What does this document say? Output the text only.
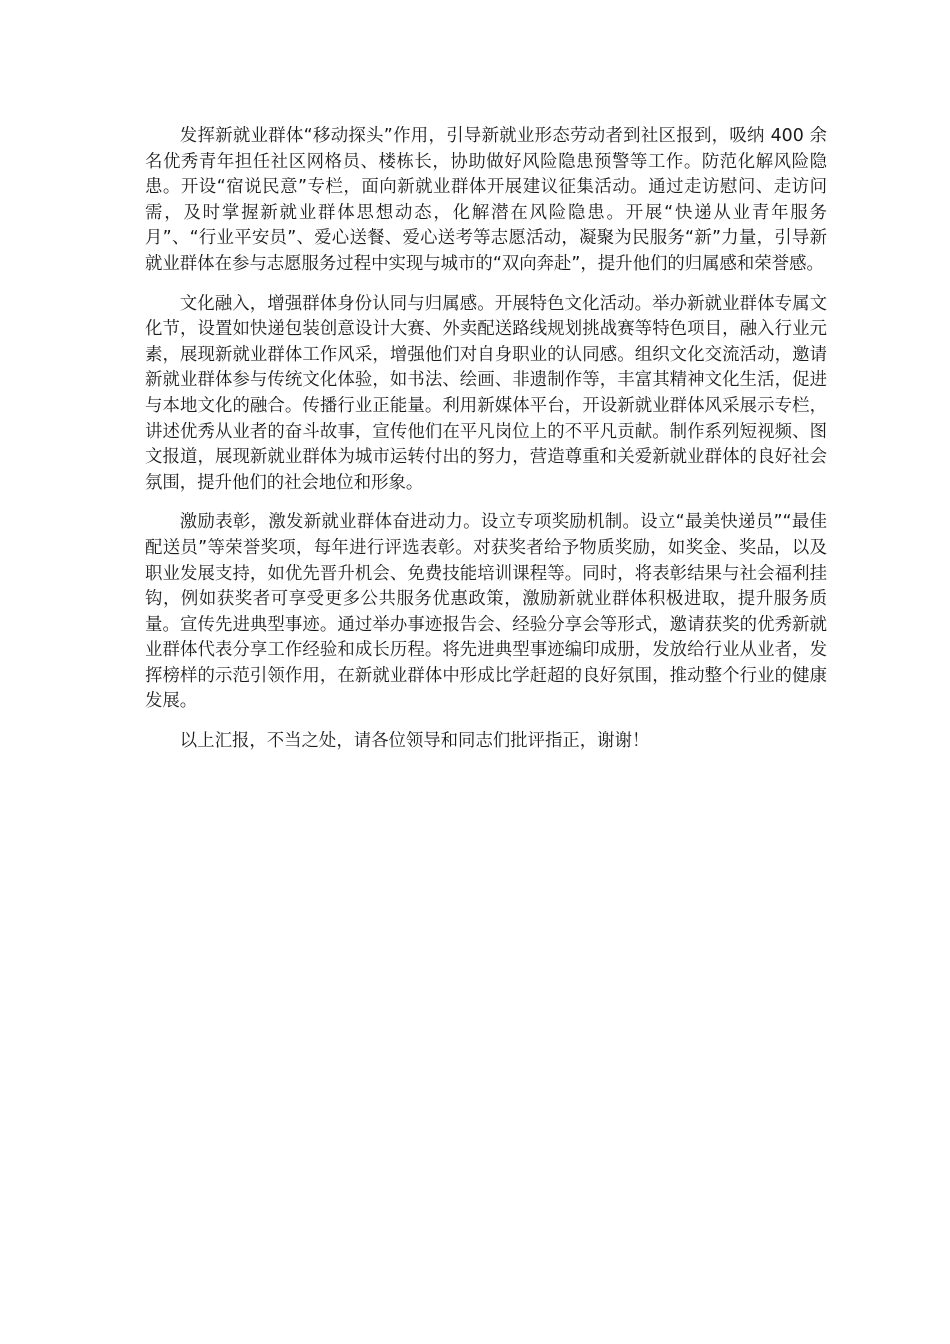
发挥新就业群体“移动探头”作用，引导新就业形态劳动者到社区报到，吸纳 400 余名优秀青年担任社区网格员、楼栋长，协助做好风险隐患预警等工作。防范化解风险隐患。开设“宿说民意”专栏，面向新就业群体开展建议征集活动。通过走访慰问、走访问需，及时掌握新就业群体思想动态，化解潜在风险隐患。开展“快递从业青年服务月”、“行业平安员”、爱心送餐、爱心送考等志愿活动，凝聚为民服务“新”力量，引导新就业群体在参与志愿服务过程中实现与城市的“双向奔赴”，提升他们的归属感和荣誉感。

文化融入，增强群体身份认同与归属感。开展特色文化活动。举办新就业群体专属文化节，设置如快递包装创意设计大赛、外卖配送路线规划挑战赛等特色项目，融入行业元素，展现新就业群体工作风采，增强他们对自身职业的认同感。组织文化交流活动，邀请新就业群体参与传统文化体验，如书法、绘画、非遗制作等，丰富其精神文化生活，促进与本地文化的融合。传播行业正能量。利用新媒体平台，开设新就业群体风采展示专栏，讲述优秀从业者的奋斗故事，宣传他们在平凡岗位上的不平凡贡献。制作系列短视频、图文报道，展现新就业群体为城市运转付出的努力，营造尊重和关爱新就业群体的良好社会氛围，提升他们的社会地位和形象。

激励表彰，激发新就业群体奋进动力。设立专项奖励机制。设立“最美快递员”“最佳配送员”等荣誉奖项，每年进行评选表彰。对获奖者给予物质奖励，如奖金、奖品，以及职业发展支持，如优先晋升机会、免费技能培训课程等。同时，将表彰结果与社会福利挂钩，例如获奖者可享受更多公共服务优惠政策，激励新就业群体积极进取，提升服务质量。宣传先进典型事迹。通过举办事迹报告会、经验分享会等形式，邀请获奖的优秀新就业群体代表分享工作经验和成长历程。将先进典型事迹编印成册，发放给行业从业者，发挥榜样的示范引领作用，在新就业群体中形成比学赶超的良好氛围，推动整个行业的健康发展。

以上汇报，不当之处，请各位领导和同志们批评指正，谢谢！
